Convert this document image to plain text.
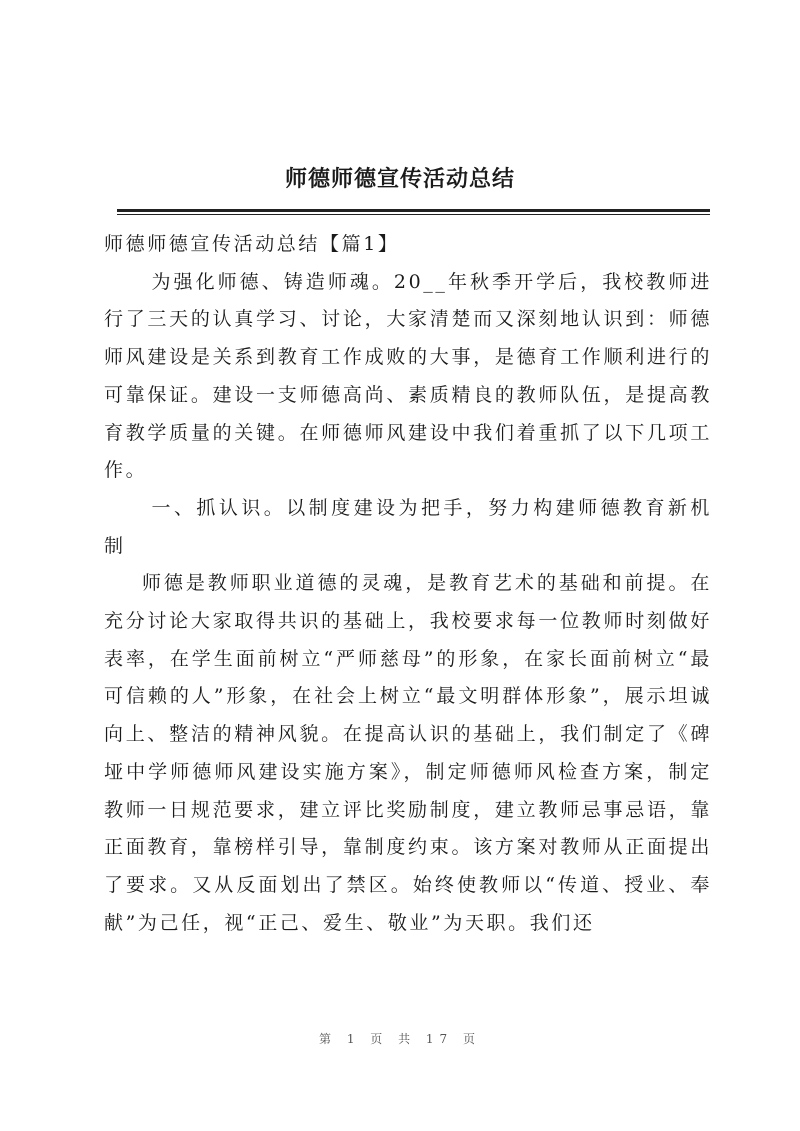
师德师德宣传活动总结

师德师德宣传活动总结【篇1】

为强化师德、铸造师魂。20__年秋季开学后，我校教师进行了三天的认真学习、讨论，大家清楚而又深刻地认识到：师德师风建设是关系到教育工作成败的大事，是德育工作顺利进行的可靠保证。建设一支师德高尚、素质精良的教师队伍，是提高教育教学质量的关键。在师德师风建设中我们着重抓了以下几项工作。

一、抓认识。以制度建设为把手，努力构建师德教育新机制

师德是教师职业道德的灵魂，是教育艺术的基础和前提。在充分讨论大家取得共识的基础上，我校要求每一位教师时刻做好表率，在学生面前树立“严师慈母”的形象，在家长面前树立“最可信赖的人”形象，在社会上树立“最文明群体形象”，展示坦诚向上、整洁的精神风貌。在提高认识的基础上，我们制定了《碑垭中学师德师风建设实施方案》，制定师德师风检查方案，制定教师一日规范要求，建立评比奖励制度，建立教师忌事忌语，靠正面教育，靠榜样引导，靠制度约束。该方案对教师从正面提出了要求。又从反面划出了禁区。始终使教师以“传道、授业、奉献”为己任，视“正己、爱生、敬业”为天职。我们还

第 1 页 共 17 页
